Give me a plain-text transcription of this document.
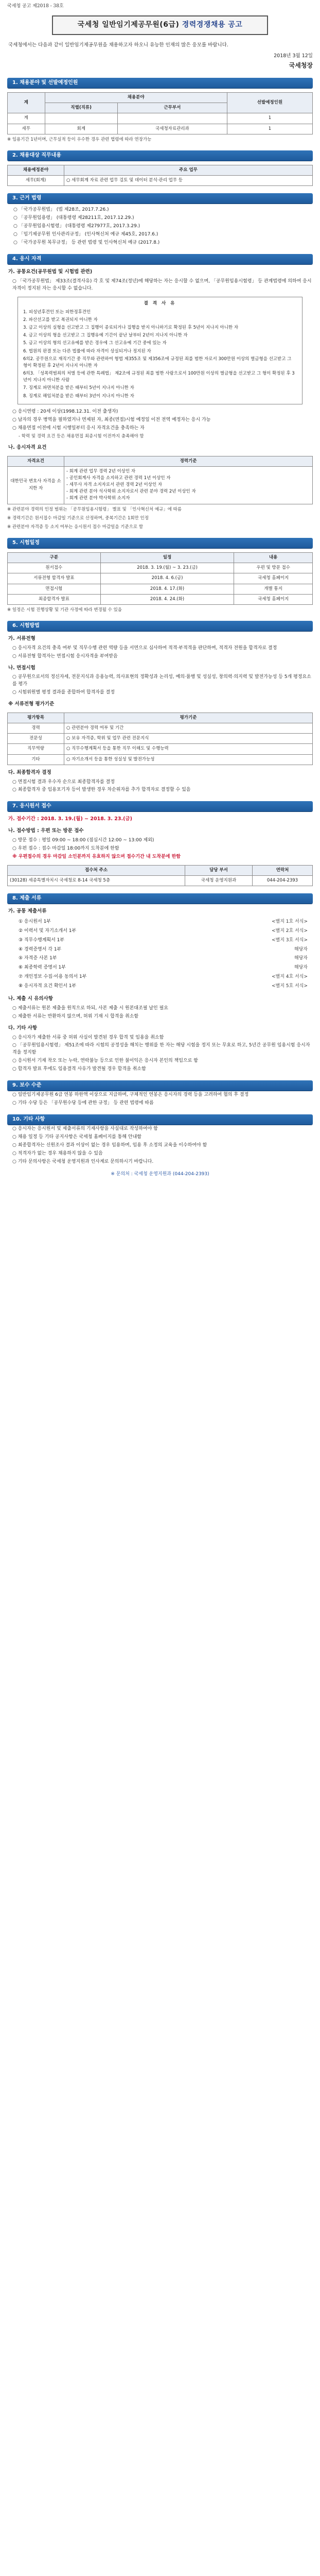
국세청 공고 제2018 - 38호
국세청 일반임기제공무원(6급) 경력경쟁채용 공고
국세청에서는 다음과 같이 일반임기제공무원을 채용하고자 하오니 유능한 인재의 많은 응모를 바랍니다.
2018년 3월 12일
국세청장
1. 채용분야 및 선발예정인원
계	채용분야		선발예정인원
	직렬(직류)	근무부서	
계			1
세무	회계	국세청자료관리과	1
※ 임용기간 1년이며, 근무실적 등이 우수한 경우 관련 법령에 따라 연장가능
2. 채용대상 직무내용
채용예정분야	주요 업무
세무(회계)	○ 세무회계 자료 관련 업무 검토 및 데이터 분석·관리 업무 등
3. 근거 법령
○ 「국가공무원법」 (법 제28조, 2017.7.26.)
○ 「공무원임용령」 (대통령령 제28211호, 2017.12.29.)
○ 「공무원임용시험령」 (대통령령 제27977호, 2017.3.29.)
○ 「임기제공무원 인사관리규정」 (인사혁신처 예규 제45호, 2017.6.)
○ 「국가공무원 복무규정」 등 관련 법령 및 인사혁신처 예규 (2017.8.)
4. 응시 자격
가. 공통요건(공무원법 및 시험법 관련)
○ 「국가공무원법」 제33조(결격사유) 각 호 및 제74조(정년)에 해당하는 자는 응시할 수 없으며, 「공무원임용시험령」 등 관계법령에 의하여 응시 자격이 정지된 자는 응시할 수 없습니다.
결 격 사 유
1. 피성년후견인 또는 피한정후견인
2. 파산선고를 받고 복권되지 아니한 자
3. 금고 이상의 실형을 선고받고 그 집행이 종료되거나 집행을 받지 아니하기로 확정된 후 5년이 지나지 아니한 자
4. 금고 이상의 형을 선고받고 그 집행유예 기간이 끝난 날부터 2년이 지나지 아니한 자
5. 금고 이상의 형의 선고유예를 받은 경우에 그 선고유예 기간 중에 있는 자
6. 법원의 판결 또는 다른 법률에 따라 자격이 상실되거나 정지된 자
6의2. 공무원으로 재직기간 중 직무와 관련하여 형법 제355조 및 제356조에 규정된 죄를 범한 자로서 300만원 이상의 벌금형을 선고받고 그 형이 확정된 후 2년이 지나지 아니한 자
6의3. 「성폭력범죄의 처벌 등에 관한 특례법」 제2조에 규정된 죄를 범한 사람으로서 100만원 이상의 벌금형을 선고받고 그 형이 확정된 후 3년이 지나지 아니한 사람
7. 징계로 파면처분을 받은 때부터 5년이 지나지 아니한 자
8. 징계로 해임처분을 받은 때부터 3년이 지나지 아니한 자
○ 응시연령 : 20세 이상(1998.12.31. 이전 출생자)
○ 남자의 경우 병역을 필하였거나 면제된 자, 최종(면접)시험 예정일 이전 전역 예정자는 응시 가능
○ 채용면접 이전에 시험 시행일부터 응시 자격요건을 충족하는 자
- 학력 및 경력 요건 등은 채용면접 최종시험 이전까지 충족해야 함
나. 응시자격 요건
자격요건	경력기준
대한민국 변호사 자격을 소지한 자	- 회계 관련 업무 경력 2년 이상인 자
- 공인회계사 자격을 소지하고 관련 경력 1년 이상인 자
- 세무사 자격 소지자로서 관련 경력 2년 이상인 자
- 회계 관련 분야 석사학위 소지자로서 관련 분야 경력 2년 이상인 자
- 회계 관련 분야 박사학위 소지자
※ 관련분야 경력의 인정 범위는 「공무원임용시험령」 별표 및 「인사혁신처 예규」에 따름
※ 경력기간은 원서접수 마감일 기준으로 산정하며, 중복기간은 1회만 인정
※ 관련분야 자격증 등 소지 여부는 응시원서 접수 마감일을 기준으로 함
5. 시험일정
구분	일정	내용
원서접수	2018. 3. 19.(월) ~ 3. 23.(금)	우편 및 방문 접수
서류전형 합격자 발표	2018. 4. 6.(금)	국세청 홈페이지
면접시험	2018. 4. 17.(화)	개별 통지
최종합격자 발표	2018. 4. 24.(화)	국세청 홈페이지
※ 일정은 시험 진행상황 및 기관 사정에 따라 변경될 수 있음
6. 시험방법
가. 서류전형
○ 응시자격 요건의 충족 여부 및 직무수행 관련 역량 등을 서면으로 심사하여 적격·부적격을 판단하며, 적격자 전원을 합격자로 결정
○ 서류전형 합격자는 면접시험 응시자격을 부여받음
나. 면접시험
○ 공무원으로서의 정신자세, 전문지식과 응용능력, 의사표현의 정확성과 논리성, 예의·품행 및 성실성, 창의력·의지력 및 발전가능성 등 5개 평정요소를 평가
○ 시험위원별 평정 결과를 종합하여 합격자를 결정
※ 서류전형 평가기준
평가항목	평가기준
경력	○ 관련분야 경력 여부 및 기간
전문성	○ 보유 자격증, 학위 및 업무 관련 전문지식
직무역량	○ 직무수행계획서 등을 통한 직무 이해도 및 수행능력
기타	○ 자기소개서 등을 통한 성실성 및 발전가능성
다. 최종합격자 결정
○ 면접시험 결과 우수자 순으로 최종합격자를 결정
○ 최종합격자 중 임용포기자 등이 발생한 경우 차순위자를 추가 합격자로 결정할 수 있음
7. 응시원서 접수
가. 접수기간 : 2018. 3. 19.(월) ~ 2018. 3. 23.(금)
나. 접수방법 : 우편 또는 방문 접수
○ 방문 접수 : 평일 09:00 ~ 18:00 (점심시간 12:00 ~ 13:00 제외)
○ 우편 접수 : 접수 마감일 18:00까지 도착분에 한함
※ 우편접수의 경우 마감일 소인분까지 유효하지 않으며 접수기간 내 도착분에 한함
접수처 주소	담당 부서	연락처
(30128) 세종특별자치시 국세청로 8-14 국세청 5층	국세청 운영지원과	044-204-2393
8. 제출 서류
가. 공통 제출서류
① 응시원서 1부	<별지 1호 서식>
② 이력서 및 자기소개서 1부	<별지 2호 서식>
③ 직무수행계획서 1부	<별지 3호 서식>
④ 경력증명서 각 1부	해당자
⑤ 자격증 사본 1부	해당자
⑥ 최종학력 증명서 1부	해당자
⑦ 개인정보 수집·이용 동의서 1부	<별지 4호 서식>
⑧ 응시자격 요건 확인서 1부	<별지 5호 서식>
나. 제출 시 유의사항
○ 제출서류는 원본 제출을 원칙으로 하되, 사본 제출 시 원본대조필 날인 필요
○ 제출한 서류는 반환하지 않으며, 허위 기재 시 합격을 취소함
다. 기타 사항
○ 응시자가 제출한 서류 중 허위 사실이 발견된 경우 합격 및 임용을 취소함
○ 「공무원임용시험령」 제51조에 따라 시험의 공정성을 해치는 행위를 한 자는 해당 시험을 정지 또는 무효로 하고, 5년간 공무원 임용시험 응시자격을 정지함
○ 응시원서 기재 착오 또는 누락, 연락불능 등으로 인한 불이익은 응시자 본인의 책임으로 함
○ 합격자 발표 후에도 임용결격 사유가 발견될 경우 합격을 취소함
9. 보수 수준
○ 일반임기제공무원 6급 연봉 하한액 이상으로 지급하며, 구체적인 연봉은 응시자의 경력 등을 고려하여 협의 후 결정
○ 기타 수당 등은 「공무원수당 등에 관한 규정」 등 관련 법령에 따름
10. 기타 사항
○ 응시자는 응시원서 및 제출서류의 기재사항을 사실대로 작성하여야 함
○ 채용 일정 등 기타 공지사항은 국세청 홈페이지를 통해 안내함
○ 최종합격자는 신원조사 결과 이상이 없는 경우 임용하며, 임용 후 소정의 교육을 이수하여야 함
○ 적격자가 없는 경우 채용하지 않을 수 있음
○ 기타 문의사항은 국세청 운영지원과 인사계로 문의하시기 바랍니다.
※ 문의처 : 국세청 운영지원과 (044-204-2393)
